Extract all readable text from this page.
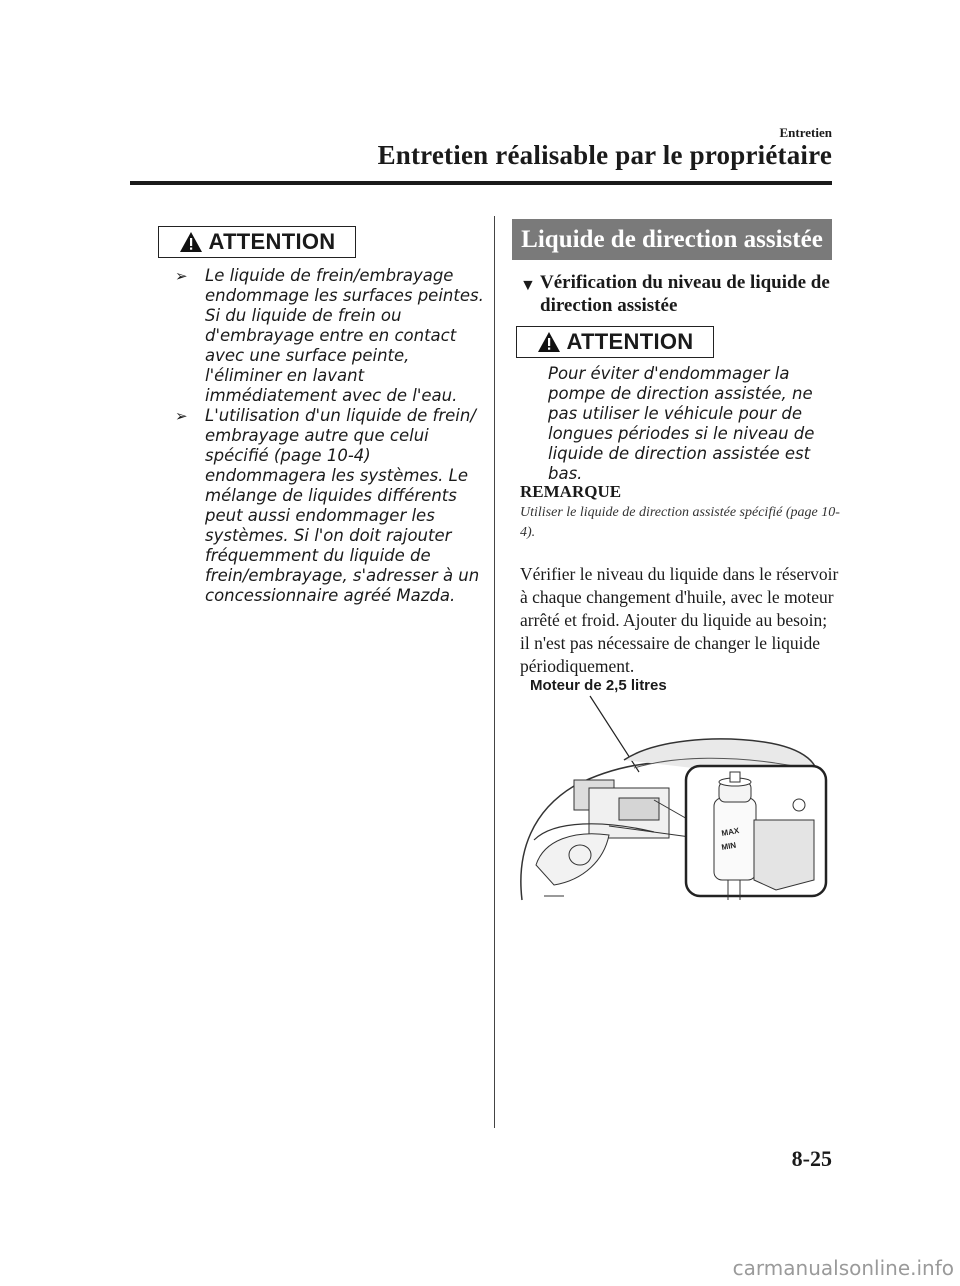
Entretien
Entretien réalisable par le propriétaire
ATTENTION
➢ Le liquide de frein/embrayage endommage les surfaces peintes. Si du liquide de frein ou d'embrayage entre en contact avec une surface peinte, l'éliminer en lavant immédiatement avec de l'eau.
➢ L'utilisation d'un liquide de frein/ embrayage autre que celui spécifié (page 10-4) endommagera les systèmes. Le mélange de liquides différents peut aussi endommager les systèmes. Si l'on doit rajouter fréquemment du liquide de frein/embrayage, s'adresser à un concessionnaire agréé Mazda.
Liquide de direction assistée
▼ Vérification du niveau de liquide de direction assistée
ATTENTION
Pour éviter d'endommager la pompe de direction assistée, ne pas utiliser le véhicule pour de longues périodes si le niveau de liquide de direction assistée est bas.
REMARQUE
Utiliser le liquide de direction assistée spécifié (page 10-4).
Vérifier le niveau du liquide dans le réservoir à chaque changement d'huile, avec le moteur arrêté et froid. Ajouter du liquide au besoin; il n'est pas nécessaire de changer le liquide périodiquement.
Moteur de 2,5 litres
MAX
MIN
8-25
carmanualsonline.info
